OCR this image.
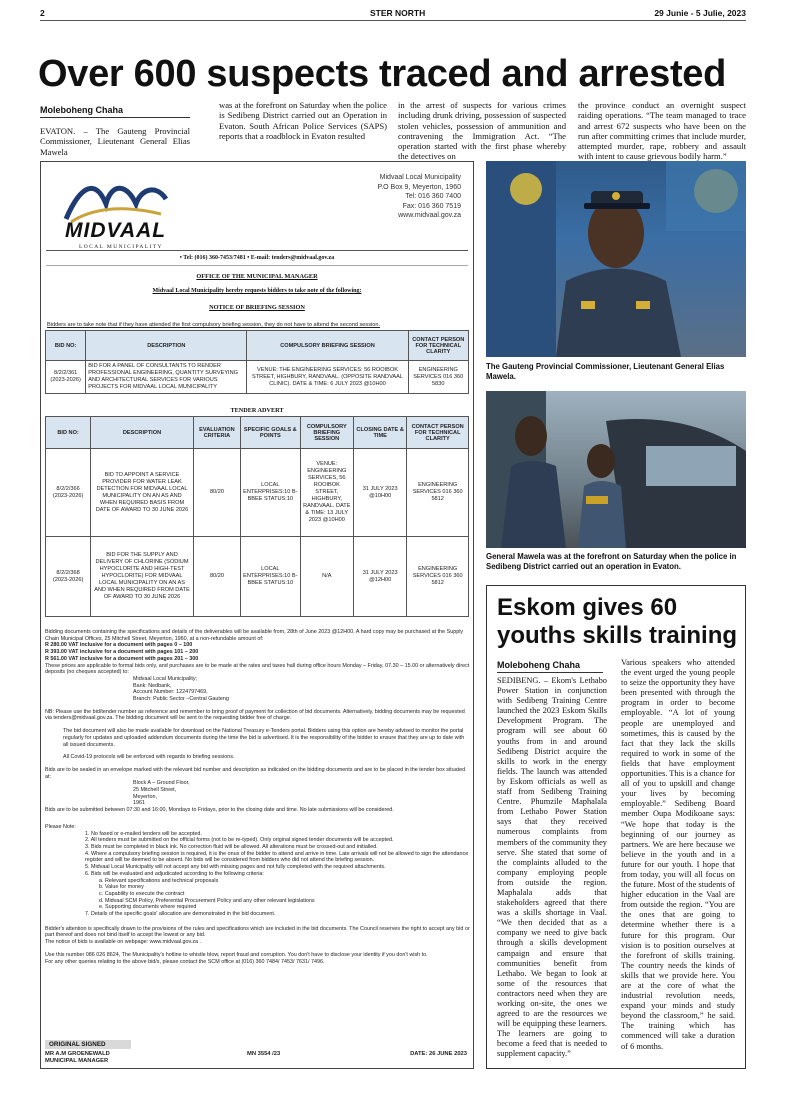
2	STER NORTH	29 Junie - 5 Julie, 2023
Over 600 suspects traced and arrested
Moleboheng Chaha
EVATON. – The Gauteng Provincial Commissioner, Lieutenant General Elias Mawela
was at the forefront on Saturday when the police is Sedibeng District carried out an Operation in Evaton. South African Police Services (SAPS) reports that a roadblock in Evaton resulted
in the arrest of suspects for various crimes including drunk driving, possession of suspected stolen vehicles, possession of ammunition and contravening the Immigration Act. “The operation started with the first phase whereby the detectives on
the province conduct an overnight suspect raiding operations. “The team managed to trace and arrest 672 suspects who have been on the run after committing crimes that include murder, attempted murder, rape, robbery and assault with intent to cause grievous bodily harm.”
The Gauteng Provincial Commissioner, Lieutenant General Elias Mawela.
General Mawela was at the forefront on Saturday when the police in Sedibeng District carried out an operation in Evaton.
MIDVAAL
LOCAL MUNICIPALITY
Midvaal Local Municipality
P.O Box 9, Meyerton, 1960
Tel: 016 360 7400
Fax: 016 360 7519
www.midvaal.gov.za
• Tel: (016) 360-7453/7481 • E-mail: tenders@midvaal.gov.za
OFFICE OF THE MUNICIPAL MANAGER
Midvaal Local Municipality hereby requests bidders to take note of the following:
NOTICE OF BRIEFING SESSION
Bidders are to take note that if they have attended the first compulsory briefing session, they do not have to attend the second session.
BID NO:	DESCRIPTION	COMPULSORY BRIEFING SESSION	CONTACT PERSON FOR TECHNICAL CLARITY
8/2/2/361 (2023-2026)	BID FOR A PANEL OF CONSULTANTS TO RENDER PROFESSIONAL ENGINEERING, QUANTITY SURVEYING AND ARCHITECTURAL SERVICES FOR VARIOUS PROJECTS FOR MIDVAAL LOCAL MUNICIPALITY	VENUE: THE ENGINEERING SERVICES: 56 ROOIBOK STREET, HIGHBURY, RANDVAAL. (OPPOSITE RANDVAAL CLINIC). DATE & TIME: 6 JULY 2023 @10H00	ENGINEERING SERVICES 016 360 5830
TENDER ADVERT
BID NO:	DESCRIPTION	EVALUATION CRITERIA	SPECIFIC GOALS & POINTS	COMPULSORY BRIEFING SESSION	CLOSING DATE & TIME	CONTACT PERSON FOR TECHNICAL CLARITY
8/2/2/366 (2023-2026)	BID TO APPOINT A SERVICE PROVIDER FOR WATER LEAK DETECTION FOR MIDVAAL LOCAL MUNICIPALITY ON AN AS AND WHEN REQUIRED BASIS FROM DATE OF AWARD TO 30 JUNE 2026	80/20	LOCAL ENTERPRISES:10 B-BBEE STATUS:10	VENUE: ENGINEERING SERVICES, 56 ROOIBOK STREET, HIGHBURY, RANDVAAL. DATE & TIME: 13 JULY 2023 @10H00	31 JULY 2023 @10H00	ENGINEERING SERVICES 016 360 5812
8/2/2/368 (2023-2026)	BID FOR THE SUPPLY AND DELIVERY OF CHLORINE (SODIUM HYPOCLORITE AND HIGH-TEST HYPOCLORITE) FOR MIDVAAL LOCAL MUNICIPALITY ON AN AS AND WHEN REQUIRED FROM DATE OF AWARD TO 30 JUNE 2026	80/20	LOCAL ENTERPRISES:10 B-BBEE STATUS:10	N/A	31 JULY 2023 @12H00	ENGINEERING SERVICES 016 360 5812
Bidding documents containing the specifications and details of the deliverables will be available from, 28th of June 2023 @12H00. A hard copy may be purchased at the Supply Chain Municipal Offices, 25 Mitchell Street, Meyerton, 1960, at a non-refundable amount of:
R 280.00 VAT inclusive for a document with pages 0 – 100
R 393.00 VAT inclusive for a document with pages 101 – 200
R 561.00 VAT inclusive for a document with pages 201 – 300
These prices are applicable to formal bids only, and purchases are to be made at the rates and taxes hall during office hours Monday – Friday, 07.30 – 15.00 or alternatively direct deposits (no cheques accepted) to:
Midvaal Local Municipality;
Bank: Nedbank,
Account Number: 1224797469,
Branch: Public Sector –Central Gauteng
NB: Please use the bid/tender number as reference and remember to bring proof of payment for collection of bid documents. Alternatively, bidding documents may be requested via tenders@midvaal.gov.za. The bidding document will be sent to the requesting bidder free of charge.
The bid document will also be made available for download on the National Treasury e-Tenders portal. Bidders using this option are hereby advised to monitor the portal regularly for updates and uploaded addendum documents during the time the bid is advertised. It is the responsibility of the bidder to ensure that they are up to date with all issued documents.
All Covid-19 protocols will be enforced with regards to briefing sessions.
Bids are to be sealed in an envelope marked with the relevant bid number and description as indicated on the bidding documents and are to be placed in the tender box situated at:
Block A – Ground Floor,
25 Mitchell Street,
Meyerton,
1961
Bids are to be submitted between 07:30 and 16:00, Mondays to Fridays, prior to the closing date and time. No late submissions will be considered.
Please Note:
1. No faxed or e-mailed tenders will be accepted.
2. All tenders must be submitted on the official forms (not to be re-typed). Only original signed tender documents will be accepted.
3. Bids must be completed in black ink. No correction fluid will be allowed. All alterations must be crossed-out and initialled.
4. Where a compulsory briefing session is required, it is the onus of the bidder to attend and arrive in time. Late arrivals will not be allowed to sign the attendance register and will be deemed to be absent. No bids will be considered from bidders who did not attend the briefing session.
5. Midvaal Local Municipality will not accept any bid with missing pages and not fully completed with the required attachments.
6. Bids will be evaluated and adjudicated according to the following criteria:
a. Relevant specifications and technical proposals
b. Value for money
c. Capability to execute the contract
d. Midvaal SCM Policy, Preferential Procurement Policy and any other relevant legislations
e. Supporting documents where required
7. Details of the specific goals' allocation are demonstrated in the bid document.
Bidder's attention is specifically drawn to the provisions of the rules and specifications which are included in the bid documents. The Council reserves the right to accept any bid or part thereof and does not bind itself to accept the lowest or any bid.
The notice of bids is available on webpage: www.midvaal.gov.za .
Use this number 086 026 8624, The Municipality's hotline to whistle blow, report fraud and corruption. You don't have to disclose your identity if you don't wish to.
For any other queries relating to the above bid/s, please contact the SCM office at (016) 360 7484/ 7453/ 7631/ 7496.
ORIGINAL SIGNED
MR A.M GROENEWALD
MUNICIPAL MANAGER
MN 3554 /23	DATE: 26 JUNE 2023
Eskom gives 60 youths skills training
Moleboheng Chaha
SEDIBENG. – Ekom's Lethabo Power Station in conjunction with Sedibeng Training Centre launched the 2023 Eskom Skills Development Program. The program will see about 60 youths from in and around Sedibeng District acquire the skills to work in the energy fields. The launch was attended by Eskom officials as well as staff from Sedibeng Training Centre. Phumzile Maphalala from Lethabo Power Station says that they received numerous complaints from members of the community they serve. She stated that some of the complaints alluded to the company employing people from outside the region. Maphalala adds that stakeholders agreed that there was a skills shortage in Vaal. “We then decided that as a company we need to give back through a skills development campaign and ensure that communities benefit from Lethabo. We began to look at some of the resources that contractors need when they are working on-site, the ones we agreed to are the resources we will be equipping these learners. The learners are going to become a feed that is needed to supplement capacity.”
Various speakers who attended the event urged the young people to seize the opportunity they have been presented with through the program in order to become employable. “A lot of young people are unemployed and sometimes, this is caused by the fact that they lack the skills required to work in some of the fields that have employment opportunities. This is a chance for all of you to upskill and change your lives by becoming employable.” Sedibeng Board member Oupa Modikoane says: “We hope that today is the beginning of our journey as partners. We are here because we believe in the youth and in a future for our youth. I hope that from today, you will all focus on the future. Most of the students of higher education in the Vaal are from outside the region. “You are the ones that are going to determine whether there is a future for this program. Our vision is to position ourselves at the forefront of skills training. The country needs the kinds of skills that we provide here. You are at the core of what the industrial revolution needs, expand your minds and study beyond the classroom,” he said. The training which has commenced will take a duration of 6 months.
